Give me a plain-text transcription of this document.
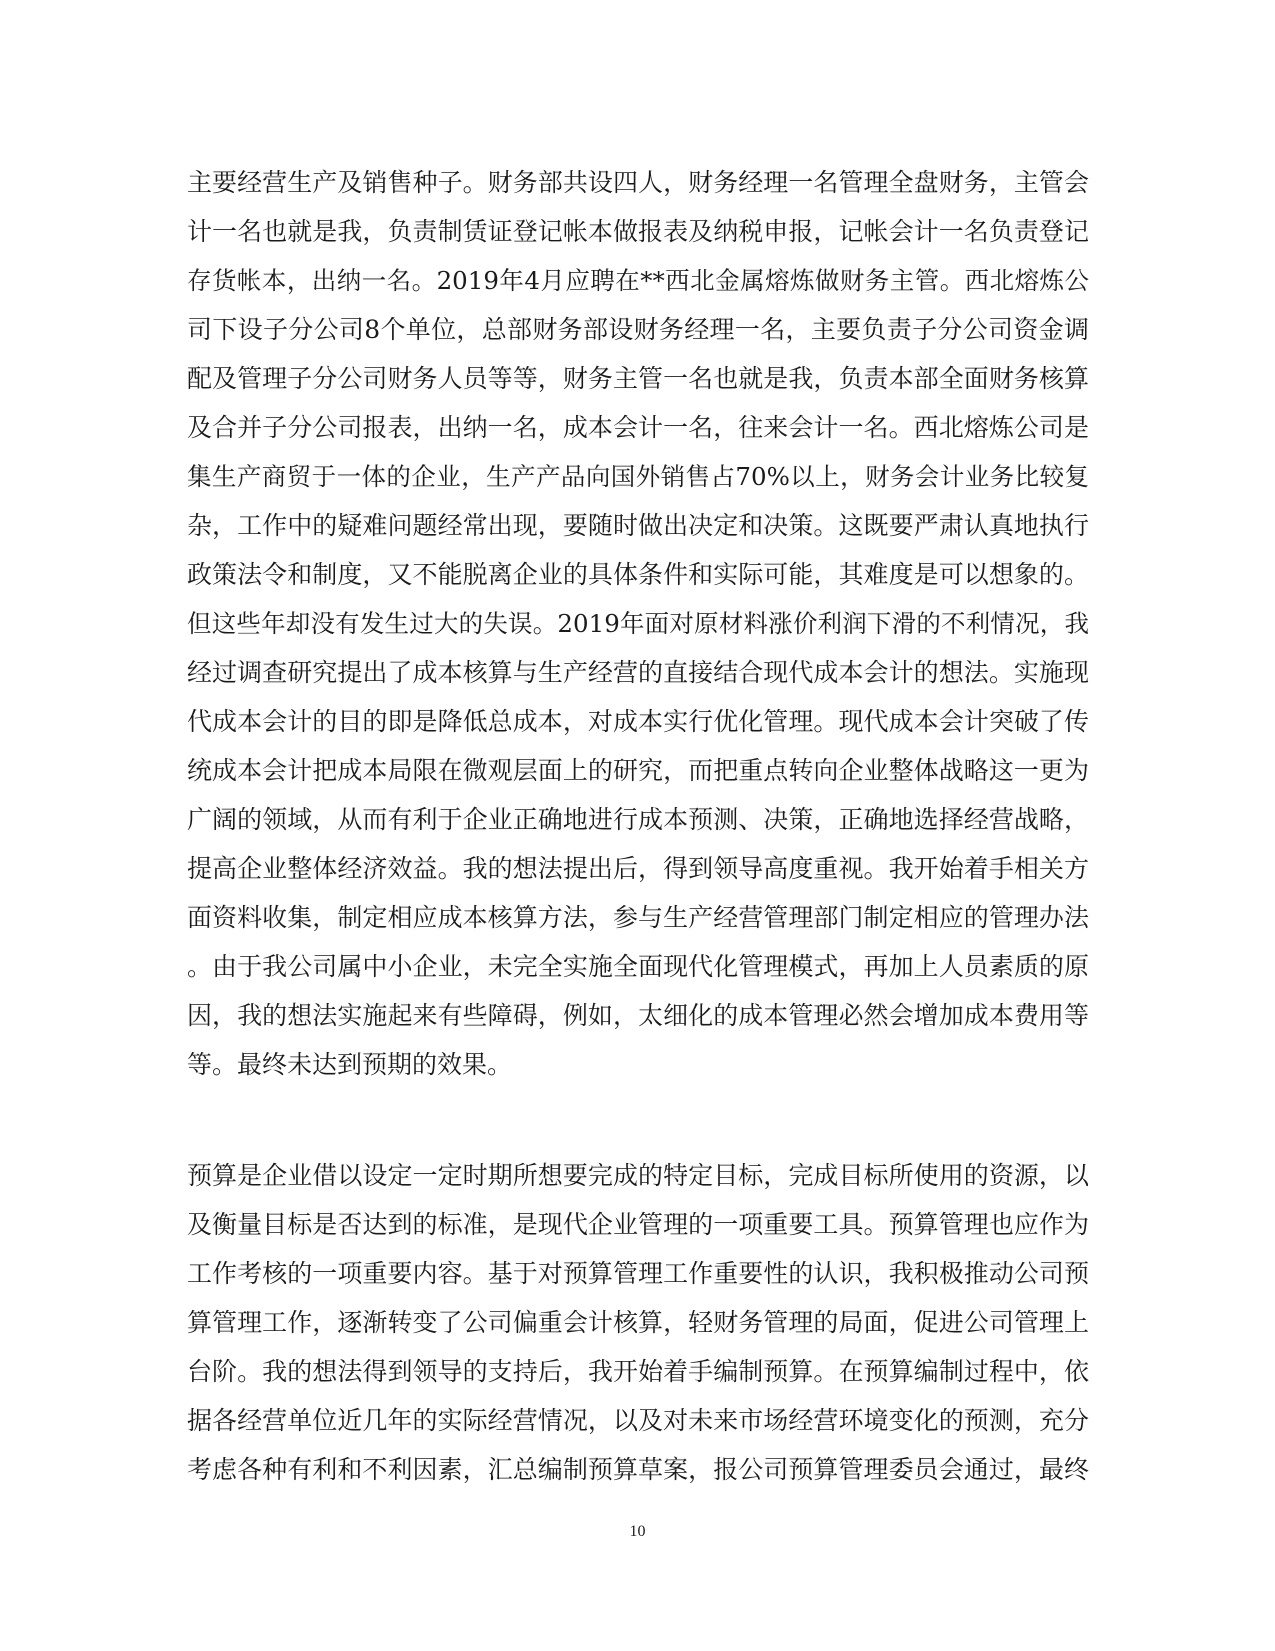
主要经营生产及销售种子。财务部共设四人，财务经理一名管理全盘财务，主管会
计一名也就是我，负责制赁证登记帐本做报表及纳税申报，记帐会计一名负责登记
存货帐本，出纳一名。2019年4月应聘在**西北金属熔炼做财务主管。西北熔炼公
司下设子分公司8个单位，总部财务部设财务经理一名，主要负责子分公司资金调
配及管理子分公司财务人员等等，财务主管一名也就是我，负责本部全面财务核算
及合并子分公司报表，出纳一名，成本会计一名，往来会计一名。西北熔炼公司是
集生产商贸于一体的企业，生产产品向国外销售占70%以上，财务会计业务比较复
杂，工作中的疑难问题经常出现，要随时做出决定和决策。这既要严肃认真地执行
政策法令和制度，又不能脱离企业的具体条件和实际可能，其难度是可以想象的。
但这些年却没有发生过大的失误。2019年面对原材料涨价利润下滑的不利情况，我
经过调查研究提出了成本核算与生产经营的直接结合现代成本会计的想法。实施现
代成本会计的目的即是降低总成本，对成本实行优化管理。现代成本会计突破了传
统成本会计把成本局限在微观层面上的研究，而把重点转向企业整体战略这一更为
广阔的领域，从而有利于企业正确地进行成本预测、决策，正确地选择经营战略，
提高企业整体经济效益。我的想法提出后，得到领导高度重视。我开始着手相关方
面资料收集，制定相应成本核算方法，参与生产经营管理部门制定相应的管理办法
。由于我公司属中小企业，未完全实施全面现代化管理模式，再加上人员素质的原
因，我的想法实施起来有些障碍，例如，太细化的成本管理必然会增加成本费用等
等。最终未达到预期的效果。
预算是企业借以设定一定时期所想要完成的特定目标，完成目标所使用的资源，以
及衡量目标是否达到的标准，是现代企业管理的一项重要工具。预算管理也应作为
工作考核的一项重要内容。基于对预算管理工作重要性的认识，我积极推动公司预
算管理工作，逐渐转变了公司偏重会计核算，轻财务管理的局面，促进公司管理上
台阶。我的想法得到领导的支持后，我开始着手编制预算。在预算编制过程中，依
据各经营单位近几年的实际经营情况，以及对未来市场经营环境变化的预测，充分
考虑各种有利和不利因素，汇总编制预算草案，报公司预算管理委员会通过，最终
10
